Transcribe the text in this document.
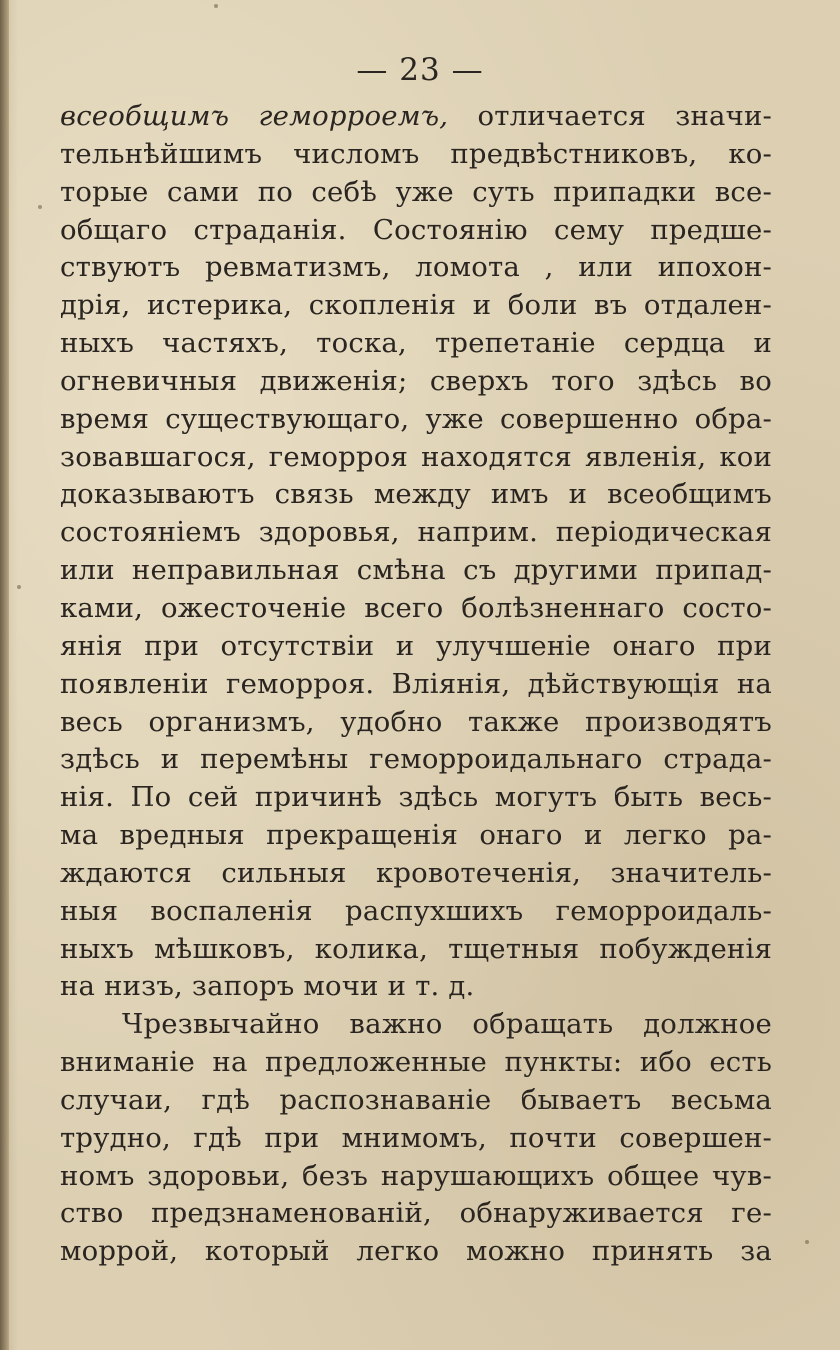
— 23 —
всеобщимъ геморроемъ, отличается значи-
тельнѣйшимъ числомъ предвѣстниковъ, ко-
торые сами по себѣ уже суть припадки все-
общаго страданія. Состоянію сему предше-
ствуютъ ревматизмъ, ломота , или ипохон-
дрія, истерика, скопленія и боли въ отдален-
ныхъ частяхъ, тоска, трепетаніе сердца и
огневичныя движенія; сверхъ того здѣсь во
время существующаго, уже совершенно обра-
зовавшагося, геморроя находятся явленія, кои
доказываютъ связь между имъ и всеобщимъ
состояніемъ здоровья, наприм. періодическая
или неправильная смѣна съ другими припад-
ками, ожесточеніе всего болѣзненнаго состо-
янія при отсутствіи и улучшеніе онаго при
появленіи геморроя. Вліянія, дѣйствующія на
весь организмъ, удобно также производятъ
здѣсь и перемѣны геморроидальнаго страда-
нія. По сей причинѣ здѣсь могутъ быть весь-
ма вредныя прекращенія онаго и легко ра-
ждаются сильныя кровотеченія, значитель-
ныя воспаленія распухшихъ геморроидаль-
ныхъ мѣшковъ, колика, тщетныя побужденія
на низъ, запоръ мочи и т. д.
Чрезвычайно важно обращать должное
вниманіе на предложенные пункты: ибо есть
случаи, гдѣ распознаваніе бываетъ весьма
трудно, гдѣ при мнимомъ, почти совершен-
номъ здоровьи, безъ нарушающихъ общее чув-
ство предзнаменованій, обнаруживается ге-
моррой, который легко можно принять за
